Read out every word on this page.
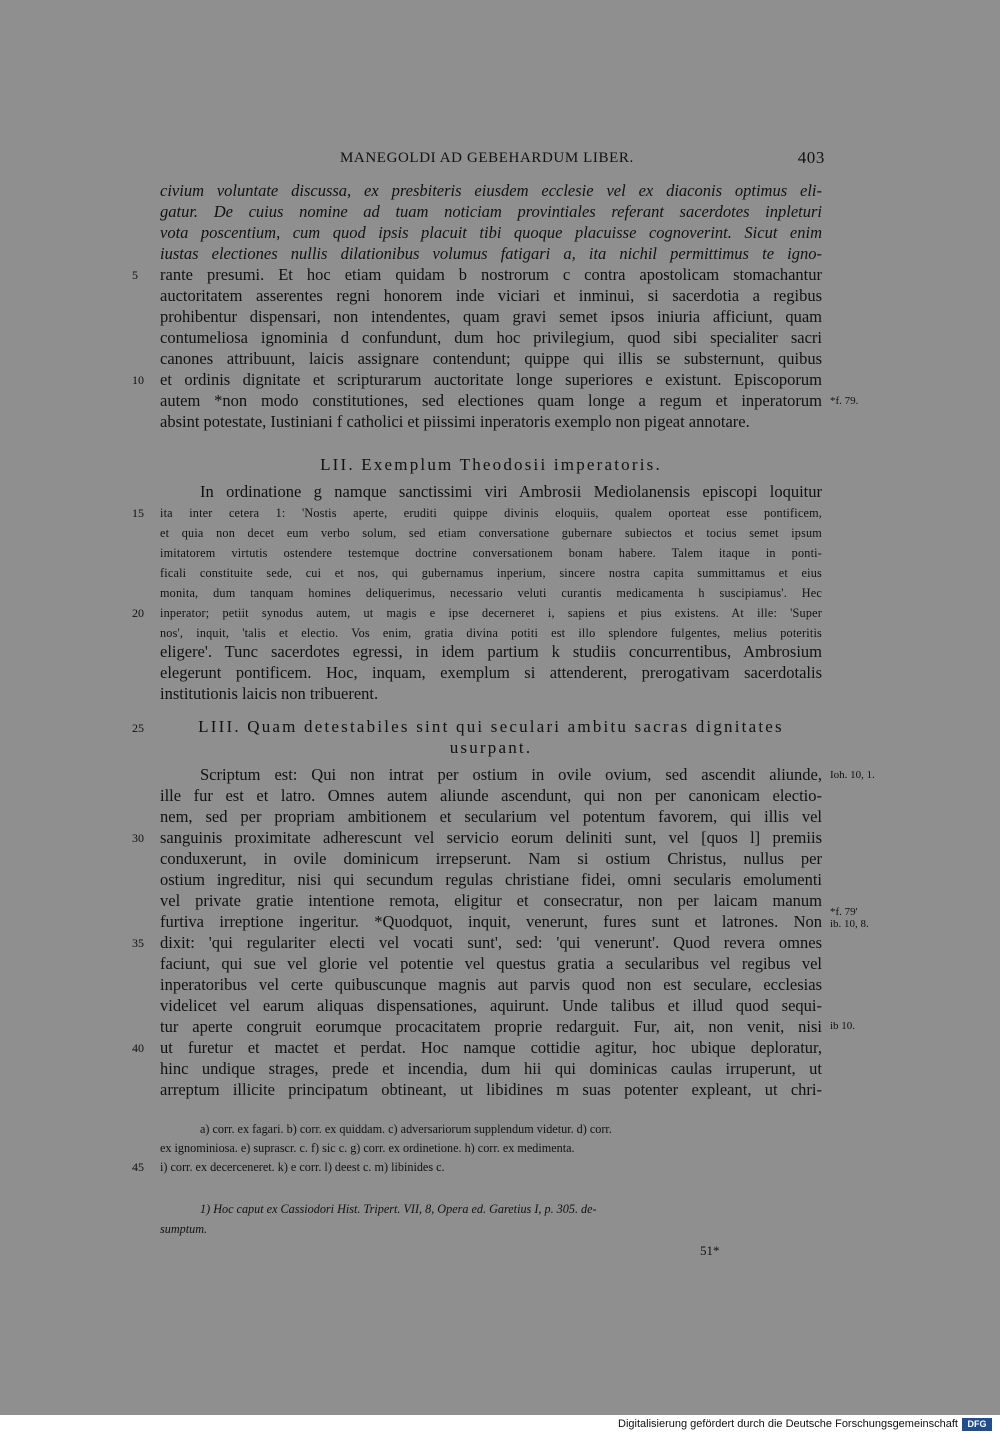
MANEGOLDI AD GEBEHARDUM LIBER.	403
civium voluntate discussa, ex presbiteris eiusdem ecclesie vel ex diaconis optimus eli-
gatur. De cuius nomine ad tuam noticiam provintiales referant sacerdotes inpleturi
vota poscentium, cum quod ipsis placuit tibi quoque placuisse cognoverint. Sicut enim
iustas electiones nullis dilationibus volumus fatigari a, ita nichil permittimus te igno-
rante presumi. Et hoc etiam quidam b nostrorum c contra apostolicam stomachantur
auctoritatem asserentes regni honorem inde viciari et inminui, si sacerdotia a regibus
prohibentur dispensari, non intendentes, quam gravi semet ipsos iniuria afficiunt, quam
contumeliosa ignominia d confundunt, dum hoc privilegium, quod sibi specialiter sacri
canones attribuunt, laicis assignare contendunt; quippe qui illis se substernunt, quibus
et ordinis dignitate et scripturarum auctoritate longe superiores e existunt. Episcoporum
autem *non modo constitutiones, sed electiones quam longe a regum et inperatorum
absint potestate, Iustiniani f catholici et piissimi inperatoris exemplo non pigeat annotare.
LII. Exemplum Theodosii imperatoris.
In ordinatione g namque sanctissimi viri Ambrosii Mediolanensis episcopi loquitur
ita inter cetera 1: 'Nostis aperte, eruditi quippe divinis eloquiis, qualem oporteat esse pontificem,
et quia non decet eum verbo solum, sed etiam conversatione gubernare subiectos et tocius semet ipsum
imitatorem virtutis ostendere testemque doctrine conversationem bonam habere. Talem itaque in ponti-
ficali constituite sede, cui et nos, qui gubernamus inperium, sincere nostra capita summittamus et eius
monita, dum tanquam homines deliquerimus, necessario veluti curantis medicamenta h suscipiamus'. Hec
inperator; petiit synodus autem, ut magis e ipse decerneret i, sapiens et pius existens. At ille: 'Super
nos', inquit, 'talis et electio. Vos enim, gratia divina potiti est illo splendore fulgentes, melius poteritis
eligere'. Tunc sacerdotes egressi, in idem partium k studiis concurrentibus, Ambrosium
elegerunt pontificem. Hoc, inquam, exemplum si attenderent, prerogativam sacerdotalis
institutionis laicis non tribuerent.
LIII. Quam detestabiles sint qui seculari ambitu sacras dignitates
usurpant.
Scriptum est: Qui non intrat per ostium in ovile ovium, sed ascendit aliunde,
ille fur est et latro. Omnes autem aliunde ascendunt, qui non per canonicam electio-
nem, sed per propriam ambitionem et secularium vel potentum favorem, qui illis vel
sanguinis proximitate adherescunt vel servicio eorum deliniti sunt, vel [quos l] premiis
conduxerunt, in ovile dominicum irrepserunt. Nam si ostium Christus, nullus per
ostium ingreditur, nisi qui secundum regulas christiane fidei, omni secularis emolumenti
vel private gratie intentione remota, eligitur et consecratur, non per laicam manum
furtiva irreptione ingeritur. *Quodquot, inquit, venerunt, fures sunt et latrones. Non
dixit: 'qui regulariter electi vel vocati sunt', sed: 'qui venerunt'. Quod revera omnes
faciunt, qui sue vel glorie vel potentie vel questus gratia a secularibus vel regibus vel
inperatoribus vel certe quibuscunque magnis aut parvis quod non est seculare, ecclesias
videlicet vel earum aliquas dispensationes, aquirunt. Unde talibus et illud quod sequi-
tur aperte congruit eorumque procacitatem proprie redarguit. Fur, ait, non venit, nisi
ut furetur et mactet et perdat. Hoc namque cottidie agitur, hoc ubique deploratur,
hinc undique strages, prede et incendia, dum hii qui dominicas caulas irruperunt, ut
arreptum illicite principatum obtineant, ut libidines m suas potenter expleant, ut chri-
5
10
15
20
25
30
35
40
45
*f. 79.
Ioh. 10, 1.
*f. 79'
ib. 10, 8.
ib 10.
a) corr. ex fagari. b) corr. ex quiddam. c) adversariorum supplendum videtur. d) corr.
ex ignominiosa. e) suprascr. c. f) sic c. g) corr. ex ordinetione. h) corr. ex medimenta.
i) corr. ex decerceneret. k) e corr. l) deest c. m) libinides c.
1) Hoc caput ex Cassiodori Hist. Tripert. VII, 8, Opera ed. Garetius I, p. 305. de-
sumptum.
51*
Digitalisierung gefördert durch die Deutsche Forschungsgemeinschaft	DFG
